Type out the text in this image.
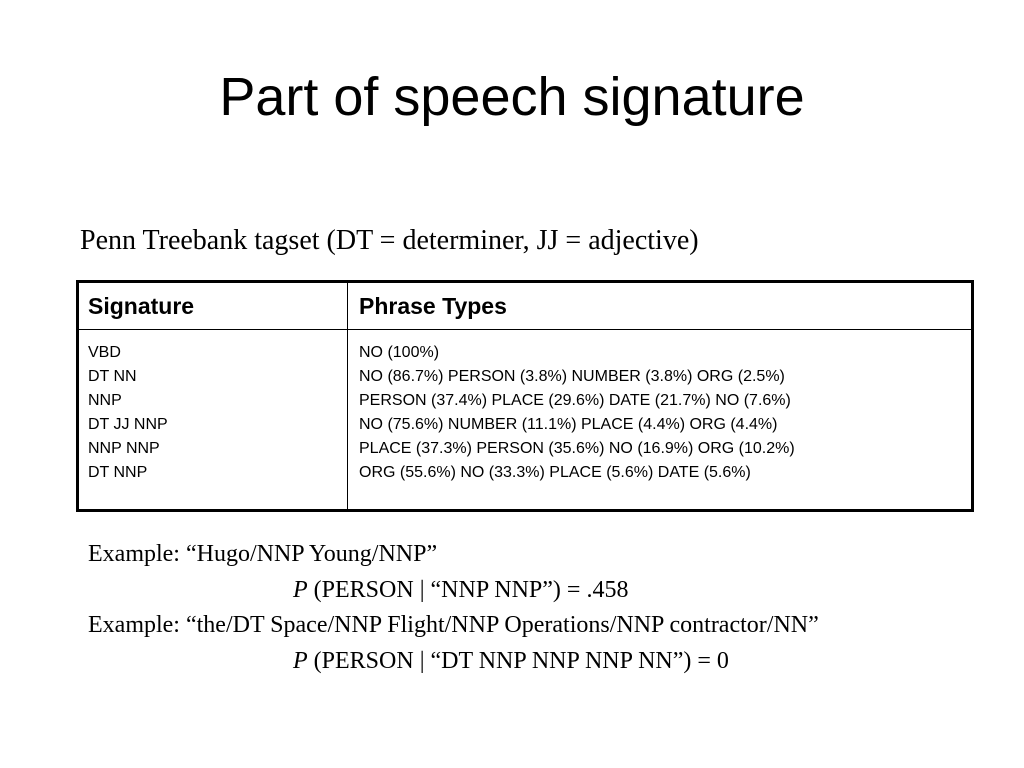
Part of speech signature
Penn Treebank tagset (DT = determiner, JJ = adjective)
Signature	Phrase Types
VBD
DT NN
NNP
DT JJ NNP
NNP NNP
DT NNP
NO (100%)
NO (86.7%) PERSON (3.8%) NUMBER (3.8%) ORG (2.5%)
PERSON (37.4%) PLACE (29.6%) DATE (21.7%) NO (7.6%)
NO (75.6%) NUMBER (11.1%) PLACE (4.4%) ORG (4.4%)
PLACE (37.3%) PERSON (35.6%) NO (16.9%) ORG (10.2%)
ORG (55.6%) NO (33.3%) PLACE (5.6%) DATE (5.6%)
Example: “Hugo/NNP Young/NNP”
P (PERSON | “NNP NNP”) = .458
Example: “the/DT Space/NNP Flight/NNP Operations/NNP contractor/NN”
P (PERSON | “DT NNP NNP NNP NN”) = 0
